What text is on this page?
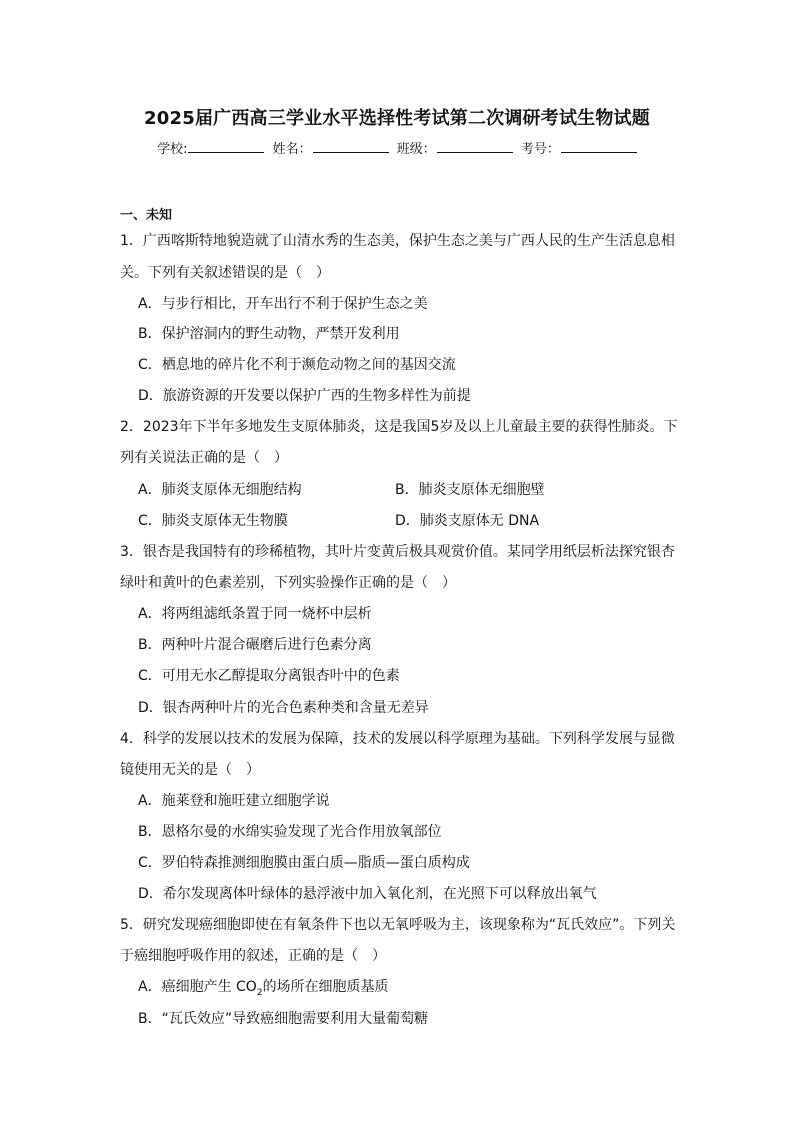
2025届广西高三学业水平选择性考试第二次调研考试生物试题
学校:	姓名：	班级：	考号：
一、未知
1．广西喀斯特地貌造就了山清水秀的生态美，保护生态之美与广西人民的生产生活息息相
关。下列有关叙述错误的是（　）
A．与步行相比，开车出行不利于保护生态之美
B．保护溶洞内的野生动物，严禁开发利用
C．栖息地的碎片化不利于濒危动物之间的基因交流
D．旅游资源的开发要以保护广西的生物多样性为前提
2．2023年下半年多地发生支原体肺炎，这是我国5岁及以上儿童最主要的获得性肺炎。下
列有关说法正确的是（　）
A．肺炎支原体无细胞结构	B．肺炎支原体无细胞壁
C．肺炎支原体无生物膜	D．肺炎支原体无 DNA
3．银杏是我国特有的珍稀植物，其叶片变黄后极具观赏价值。某同学用纸层析法探究银杏
绿叶和黄叶的色素差别，下列实验操作正确的是（　）
A．将两组滤纸条置于同一烧杯中层析
B．两种叶片混合碾磨后进行色素分离
C．可用无水乙醇提取分离银杏叶中的色素
D．银杏两种叶片的光合色素种类和含量无差异
4．科学的发展以技术的发展为保障，技术的发展以科学原理为基础。下列科学发展与显微
镜使用无关的是（　）
A．施莱登和施旺建立细胞学说
B．恩格尔曼的水绵实验发现了光合作用放氧部位
C．罗伯特森推测细胞膜由蛋白质—脂质—蛋白质构成
D．希尔发现离体叶绿体的悬浮液中加入氧化剂，在光照下可以释放出氧气
5．研究发现癌细胞即使在有氧条件下也以无氧呼吸为主，该现象称为“瓦氏效应”。下列关
于癌细胞呼吸作用的叙述，正确的是（　）
A．癌细胞产生 $CO_2$的场所在细胞质基质
B．“瓦氏效应”导致癌细胞需要利用大量葡萄糖
